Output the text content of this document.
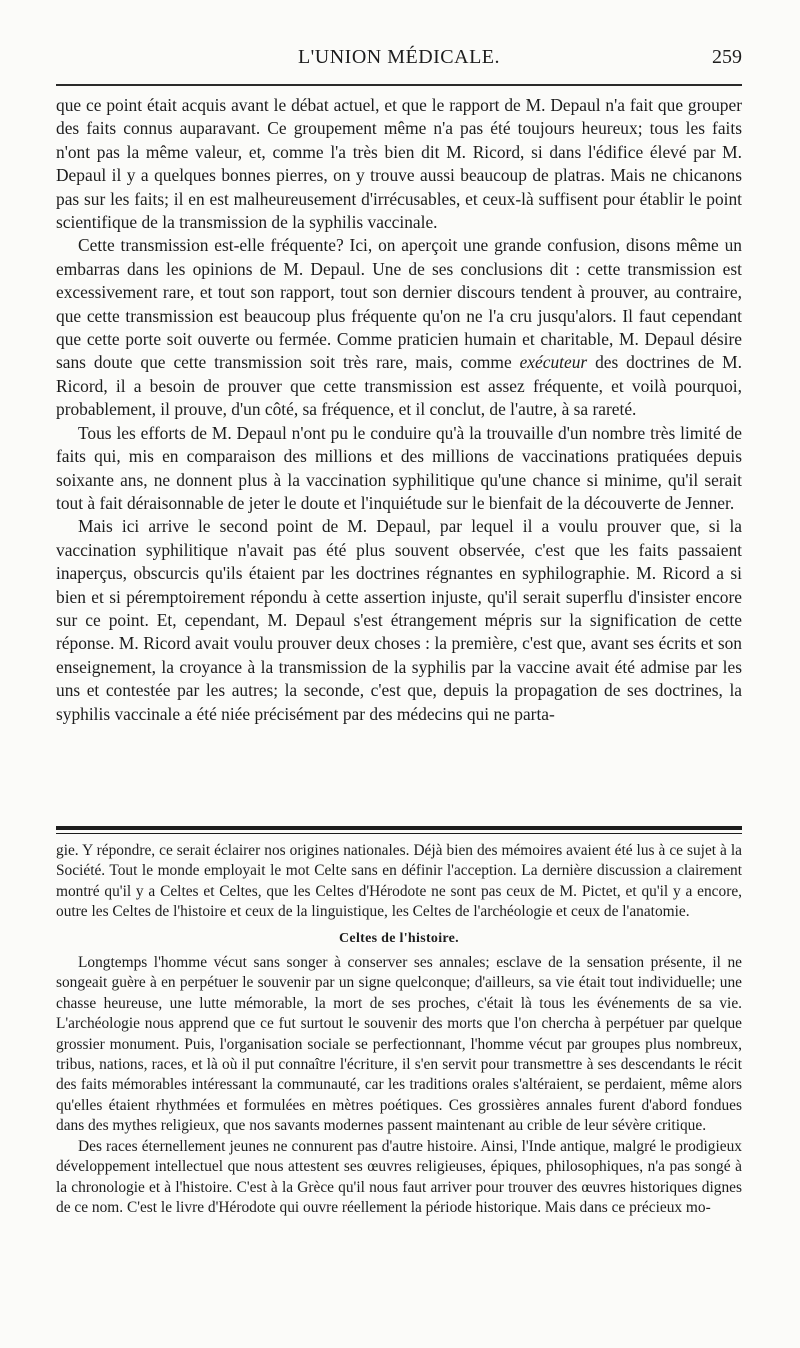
L'UNION MÉDICALE.	259

que ce point était acquis avant le débat actuel, et que le rapport de M. Depaul n'a fait que grouper des faits connus auparavant. Ce groupement même n'a pas été toujours heureux; tous les faits n'ont pas la même valeur, et, comme l'a très bien dit M. Ricord, si dans l'édifice élevé par M. Depaul il y a quelques bonnes pierres, on y trouve aussi beaucoup de platras. Mais ne chicanons pas sur les faits; il en est malheureusement d'irrécusables, et ceux-là suffisent pour établir le point scientifique de la transmission de la syphilis vaccinale.

Cette transmission est-elle fréquente? Ici, on aperçoit une grande confusion, disons même un embarras dans les opinions de M. Depaul. Une de ses conclusions dit : cette transmission est excessivement rare, et tout son rapport, tout son dernier discours tendent à prouver, au contraire, que cette transmission est beaucoup plus fréquente qu'on ne l'a cru jusqu'alors. Il faut cependant que cette porte soit ouverte ou fermée. Comme praticien humain et charitable, M. Depaul désire sans doute que cette transmission soit très rare, mais, comme exécuteur des doctrines de M. Ricord, il a besoin de prouver que cette transmission est assez fréquente, et voilà pourquoi, probablement, il prouve, d'un côté, sa fréquence, et il conclut, de l'autre, à sa rareté.

Tous les efforts de M. Depaul n'ont pu le conduire qu'à la trouvaille d'un nombre très limité de faits qui, mis en comparaison des millions et des millions de vaccinations pratiquées depuis soixante ans, ne donnent plus à la vaccination syphilitique qu'une chance si minime, qu'il serait tout à fait déraisonnable de jeter le doute et l'inquiétude sur le bienfait de la découverte de Jenner.

Mais ici arrive le second point de M. Depaul, par lequel il a voulu prouver que, si la vaccination syphilitique n'avait pas été plus souvent observée, c'est que les faits passaient inaperçus, obscurcis qu'ils étaient par les doctrines régnantes en syphilographie. M. Ricord a si bien et si péremptoirement répondu à cette assertion injuste, qu'il serait superflu d'insister encore sur ce point. Et, cependant, M. Depaul s'est étrangement mépris sur la signification de cette réponse. M. Ricord avait voulu prouver deux choses : la première, c'est que, avant ses écrits et son enseignement, la croyance à la transmission de la syphilis par la vaccine avait été admise par les uns et contestée par les autres; la seconde, c'est que, depuis la propagation de ses doctrines, la syphilis vaccinale a été niée précisément par des médecins qui ne parta-

gie. Y répondre, ce serait éclairer nos origines nationales. Déjà bien des mémoires avaient été lus à ce sujet à la Société. Tout le monde employait le mot Celte sans en définir l'acception. La dernière discussion a clairement montré qu'il y a Celtes et Celtes, que les Celtes d'Hérodote ne sont pas ceux de M. Pictet, et qu'il y a encore, outre les Celtes de l'histoire et ceux de la linguistique, les Celtes de l'archéologie et ceux de l'anatomie.

Celtes de l'histoire.

Longtemps l'homme vécut sans songer à conserver ses annales; esclave de la sensation présente, il ne songeait guère à en perpétuer le souvenir par un signe quelconque; d'ailleurs, sa vie était tout individuelle; une chasse heureuse, une lutte mémorable, la mort de ses proches, c'était là tous les événements de sa vie. L'archéologie nous apprend que ce fut surtout le souvenir des morts que l'on chercha à perpétuer par quelque grossier monument. Puis, l'organisation sociale se perfectionnant, l'homme vécut par groupes plus nombreux, tribus, nations, races, et là où il put connaître l'écriture, il s'en servit pour transmettre à ses descendants le récit des faits mémorables intéressant la communauté, car les traditions orales s'altéraient, se perdaient, même alors qu'elles étaient rhythmées et formulées en mètres poétiques. Ces grossières annales furent d'abord fondues dans des mythes religieux, que nos savants modernes passent maintenant au crible de leur sévère critique.

Des races éternellement jeunes ne connurent pas d'autre histoire. Ainsi, l'Inde antique, malgré le prodigieux développement intellectuel que nous attestent ses œuvres religieuses, épiques, philosophiques, n'a pas songé à la chronologie et à l'histoire. C'est à la Grèce qu'il nous faut arriver pour trouver des œuvres historiques dignes de ce nom. C'est le livre d'Hérodote qui ouvre réellement la période historique. Mais dans ce précieux mo-
